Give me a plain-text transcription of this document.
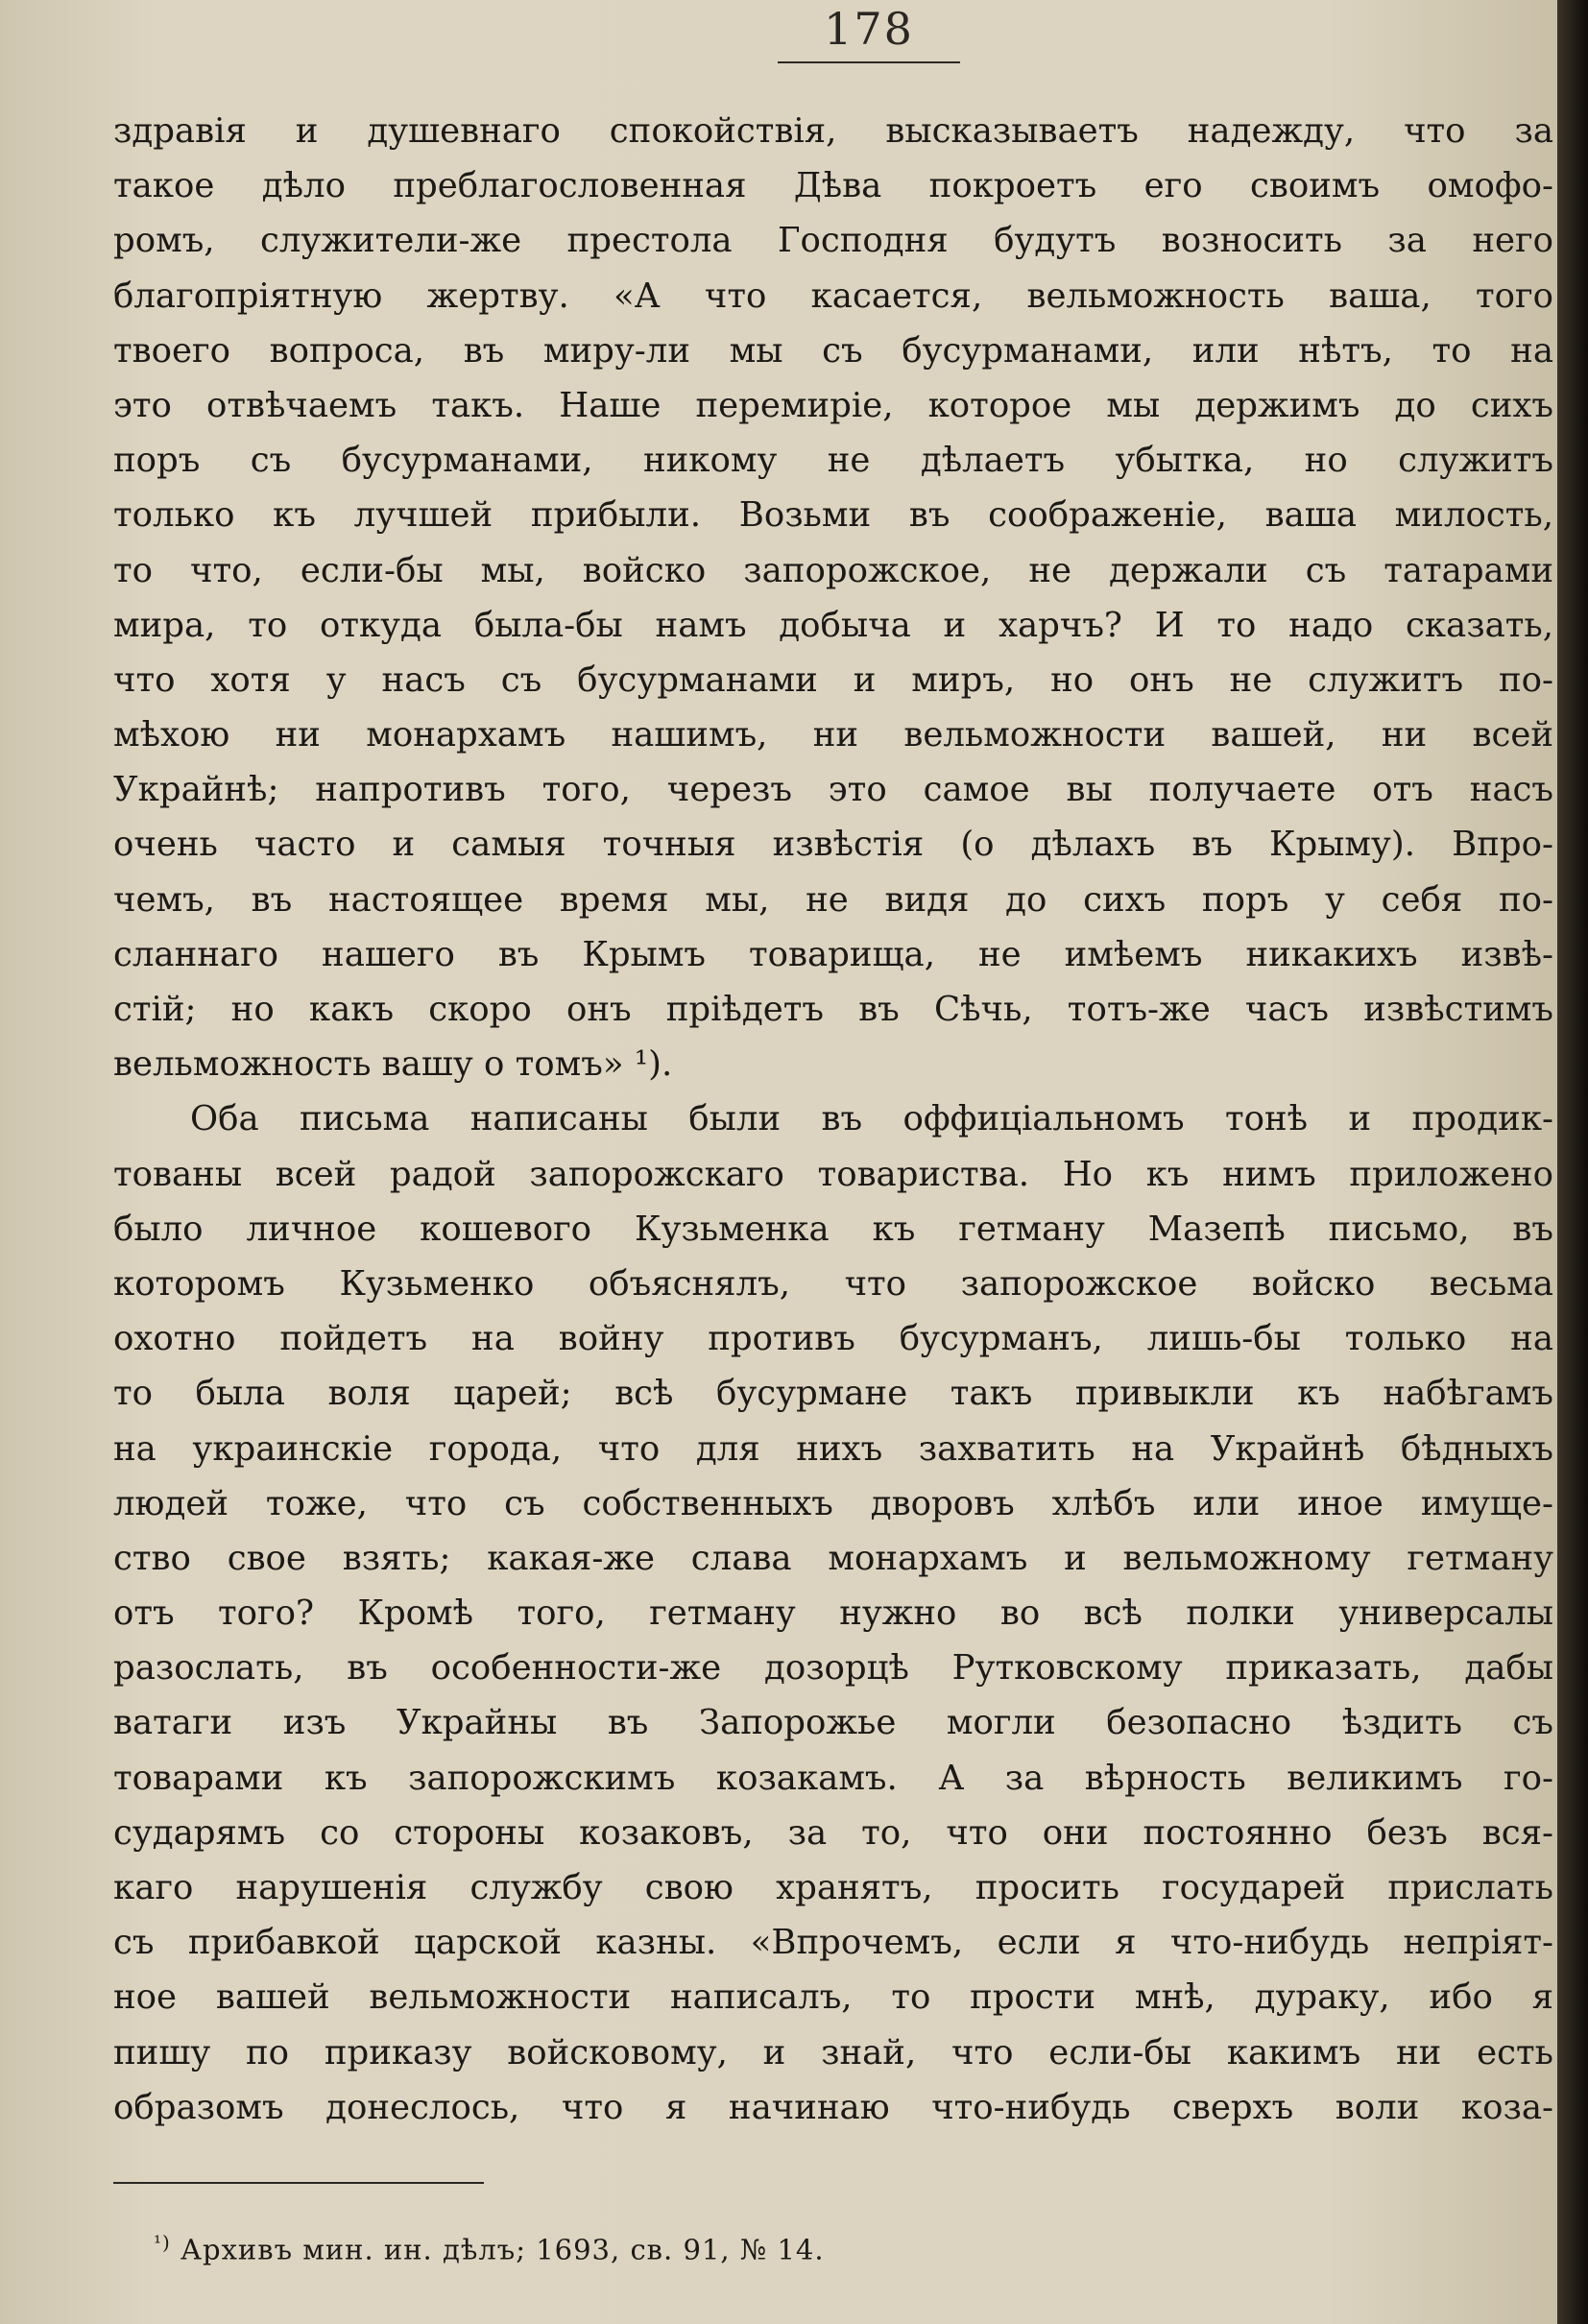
178
здравія и душевнаго спокойствія, высказываетъ надежду, что за
такое дѣло преблагословенная Дѣва покроетъ его своимъ омофо-
ромъ, служители-же престола Господня будутъ возносить за него
благопріятную жертву. «А что касается, вельможность ваша, того
твоего вопроса, въ миру-ли мы съ бусурманами, или нѣтъ, то на
это отвѣчаемъ такъ. Наше перемиріе, которое мы держимъ до сихъ
поръ съ бусурманами, никому не дѣлаетъ убытка, но служитъ
только къ лучшей прибыли. Возьми въ соображеніе, ваша милость,
то что, если-бы мы, войско запорожское, не держали съ татарами
мира, то откуда была-бы намъ добыча и харчъ? И то надо сказать,
что хотя у насъ съ бусурманами и миръ, но онъ не служитъ по-
мѣхою ни монархамъ нашимъ, ни вельможности вашей, ни всей
Украйнѣ; напротивъ того, черезъ это самое вы получаете отъ насъ
очень часто и самыя точныя извѣстія (о дѣлахъ въ Крыму). Впро-
чемъ, въ настоящее время мы, не видя до сихъ поръ у себя по-
сланнаго нашего въ Крымъ товарища, не имѣемъ никакихъ извѣ-
стій; но какъ скоро онъ пріѣдетъ въ Сѣчь, тотъ-же часъ извѣстимъ
вельможность вашу о томъ» ¹).
Оба письма написаны были въ оффиціальномъ тонѣ и продик-
тованы всей радой запорожскаго товариства. Но къ нимъ приложено
было личное кошевого Кузьменка къ гетману Мазепѣ письмо, въ
которомъ Кузьменко объяснялъ, что запорожское войско весьма
охотно пойдетъ на войну противъ бусурманъ, лишь-бы только на
то была воля царей; всѣ бусурмане такъ привыкли къ набѣгамъ
на украинскіе города, что для нихъ захватить на Украйнѣ бѣдныхъ
людей тоже, что съ собственныхъ дворовъ хлѣбъ или иное имуще-
ство свое взять; какая-же слава монархамъ и вельможному гетману
отъ того? Кромѣ того, гетману нужно во всѣ полки универсалы
разослать, въ особенности-же дозорцѣ Рутковскому приказать, дабы
ватаги изъ Украйны въ Запорожье могли безопасно ѣздить съ
товарами къ запорожскимъ козакамъ. А за вѣрность великимъ го-
сударямъ со стороны козаковъ, за то, что они постоянно безъ вся-
каго нарушенія службу свою хранятъ, просить государей прислать
съ прибавкой царской казны. «Впрочемъ, если я что-нибудь непріят-
ное вашей вельможности написалъ, то прости мнѣ, дураку, ибо я
пишу по приказу войсковому, и знай, что если-бы какимъ ни есть
образомъ донеслось, что я начинаю что-нибудь сверхъ воли коза-
$^{^1)}$ Архивъ мин. ин. дѣлъ; 1693, св. 91, № 14.
